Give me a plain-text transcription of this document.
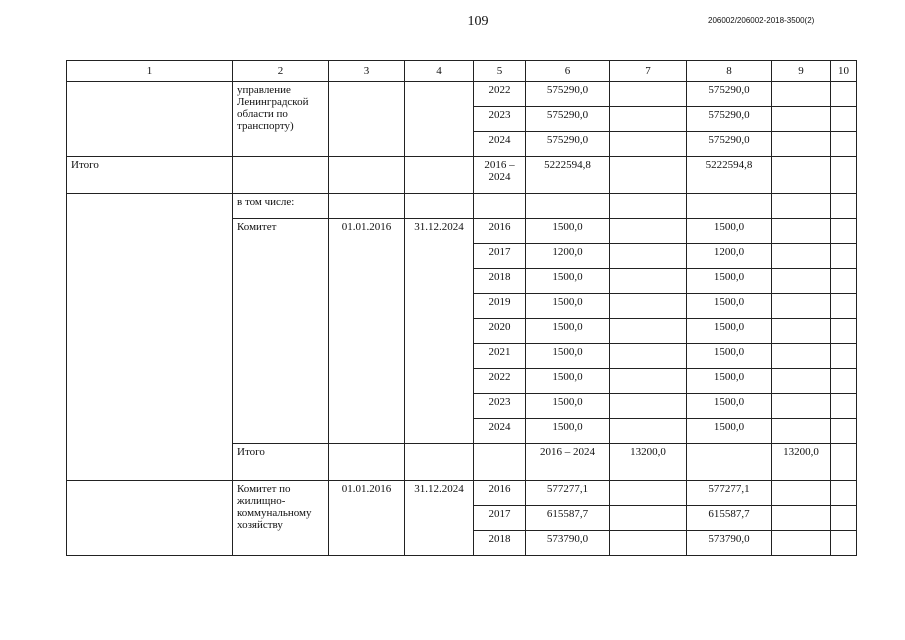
109	206002/206002-2018-3500(2)
1	2	3	4	5	6	7	8	9	10	
	управление Ленинградской области по транспорту)			2022	575290,0		575290,0			
				2023	575290,0		575290,0			
				2024	575290,0		575290,0			
Итого				2016 – 2024	5222594,8		5222594,8			
	в том числе:									
	Комитет	01.01.2016	31.12.2024	2016	1500,0		1500,0			
				2017	1200,0		1200,0			
				2018	1500,0		1500,0			
				2019	1500,0		1500,0			
				2020	1500,0		1500,0			
				2021	1500,0		1500,0			
				2022	1500,0		1500,0			
				2023	1500,0		1500,0			
				2024	1500,0		1500,0			
	Итого				2016 – 2024	13200,0		13200,0		
	Комитет по жилищно-коммунальному хозяйству	01.01.2016	31.12.2024	2016	577277,1		577277,1			
				2017	615587,7		615587,7			
				2018	573790,0		573790,0			
